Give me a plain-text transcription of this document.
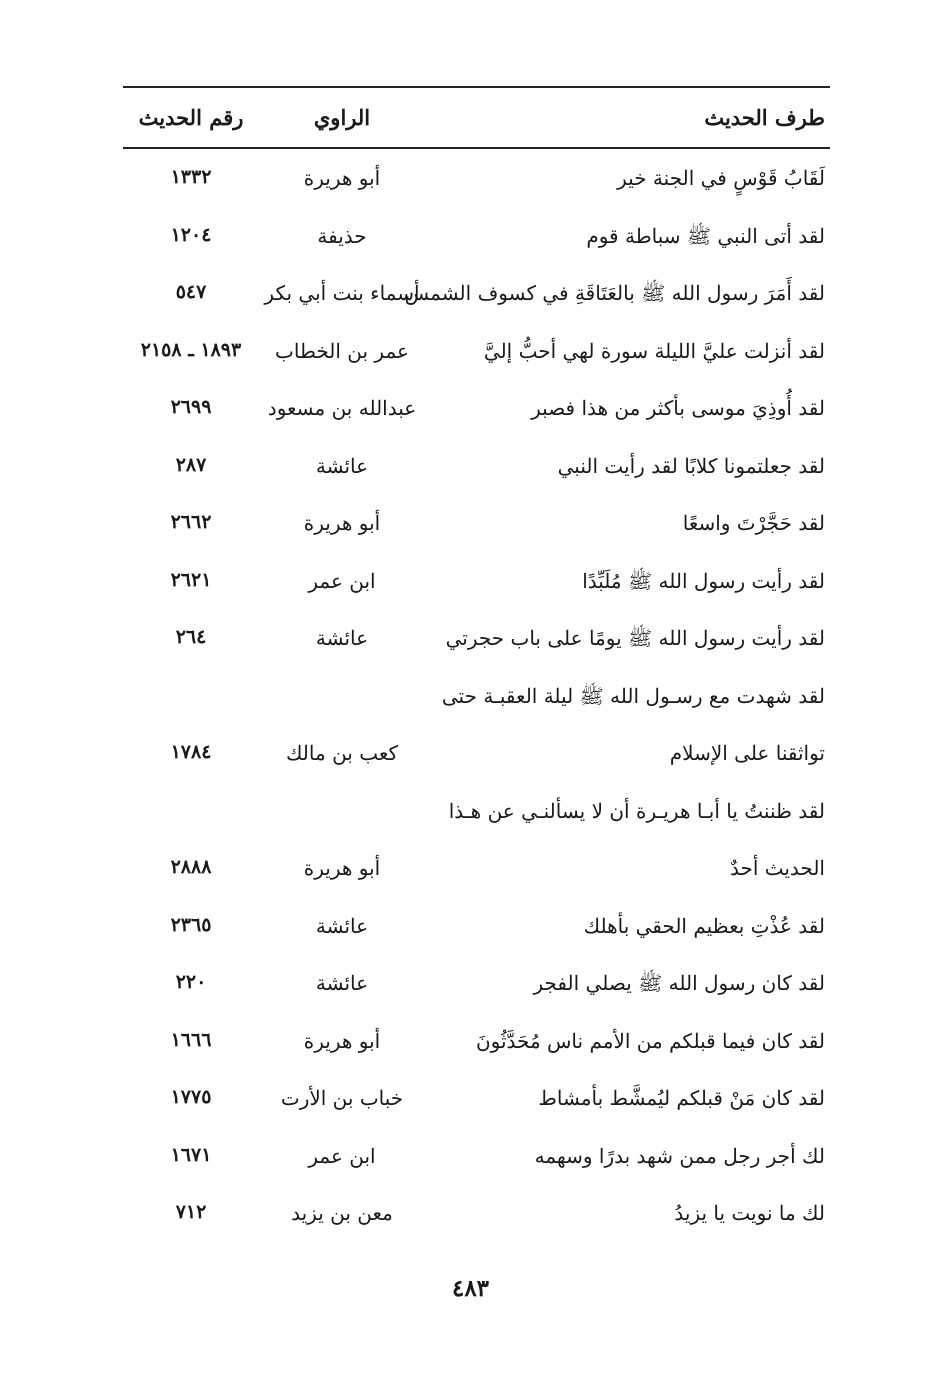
طرف الحديث
الراوي
رقم الحديث
لَقَابُ قَوْسٍ في الجنة خير
أبو هريرة
١٣٣٢
لقد أتى النبي ﷺ سباطة قوم
حذيفة
١٢٠٤
لقد أَمَرَ رسول الله ﷺ بالعَتَاقَةِ في كسوف الشمس
أسماء بنت أبي بكر
٥٤٧
لقد أنزلت عليَّ الليلة سورة لهي أحبُّ إليَّ
عمر بن الخطاب
١٨٩٣ ـ ٢١٥٨
لقد أُوذِيَ موسى بأكثر من هذا فصبر
عبدالله بن مسعود
٢٦٩٩
لقد جعلتمونا كلابًا لقد رأيت النبي
عائشة
٢٨٧
لقد حَجَّرْتَ واسعًا
أبو هريرة
٢٦٦٢
لقد رأيت رسول الله ﷺ مُلَبِّدًا
ابن عمر
٢٦٢١
لقد رأيت رسول الله ﷺ يومًا على باب حجرتي
عائشة
٢٦٤
لقد شهدت مع رسـول الله ﷺ ليلة العقبـة حتى
تواثقنا على الإسلام
كعب بن مالك
١٧٨٤
لقد ظننتُ يا أبـا هريـرة أن لا يسألنـي عن هـذا
الحديث أحدٌ
أبو هريرة
٢٨٨٨
لقد عُذْتِ بعظيم الحقي بأهلك
عائشة
٢٣٦٥
لقد كان رسول الله ﷺ يصلي الفجر
عائشة
٢٢٠
لقد كان فيما قبلكم من الأمم ناس مُحَدَّثُونَ
أبو هريرة
١٦٦٦
لقد كان مَنْ قبلكم ليُمشَّط بأمشاط
خباب بن الأرت
١٧٧٥
لك أجر رجل ممن شهد بدرًا وسهمه
ابن عمر
١٦٧١
لك ما نويت يا يزيدُ
معن بن يزيد
٧١٢
٤٨٣
